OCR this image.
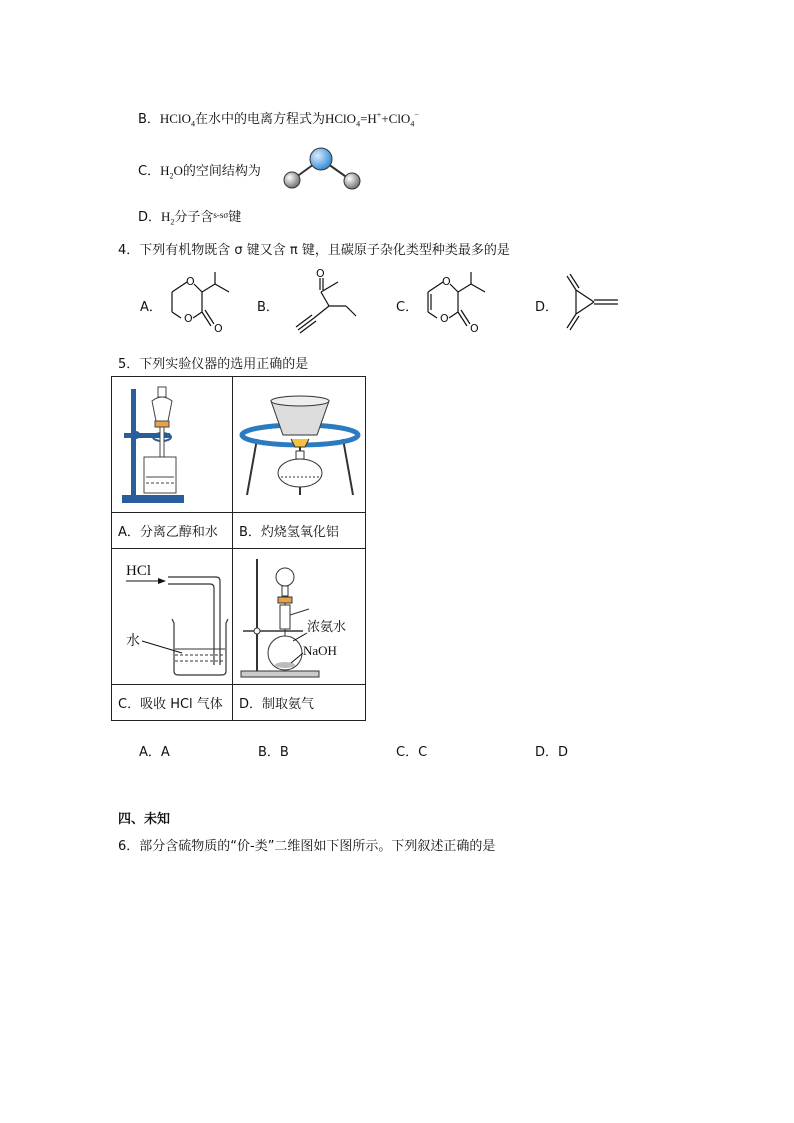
B．HClO$_4$在水中的电离方程式为HClO$_4$=H++ClO$_4$−
C．$H_2O$的空间结构为
D．$H_2$分子含$^{s-s\sigma}$键
4．下列有机物既含 σ 键又含 π 键，且碳原子杂化类型种类最多的是
A．
O
O
O
B．
O
C．
O
O
O
D．
5．下列实验仪器的选用正确的是

A．分离乙醇和水	B．灼烧氢氧化铝

HCl
水	浓氨水
NaOH

C．吸收 HCl 气体	D．制取氨气
A．A	B．B	C．C	D．D
四、未知
6．部分含硫物质的“价-类”二维图如下图所示。下列叙述正确的是
